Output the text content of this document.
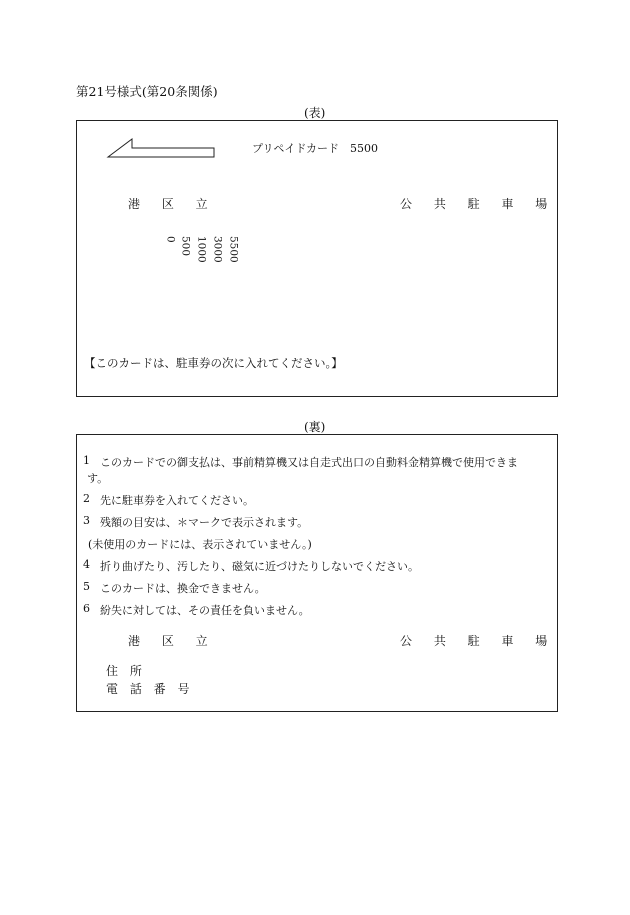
第21号様式(第20条関係)
(表)
プリペイドカード　5500
港 区 立	公 共 駐 車 場
0 500 1000 3000 5500
【このカードは、駐車券の次に入れてください。】
(裏)
1 このカードでの御支払は、事前精算機又は自走式出口の自動料金精算機で使用できま
す。
2 先に駐車券を入れてください。
3 残額の目安は、＊マークで表示されます。
(未使用のカードには、表示されていません。)
4 折り曲げたり、汚したり、磁気に近づけたりしないでください。
5 このカードは、換金できません。
6 紛失に対しては、その責任を負いません。
港 区 立	公 共 駐 車 場
住 所
電 話 番 号
